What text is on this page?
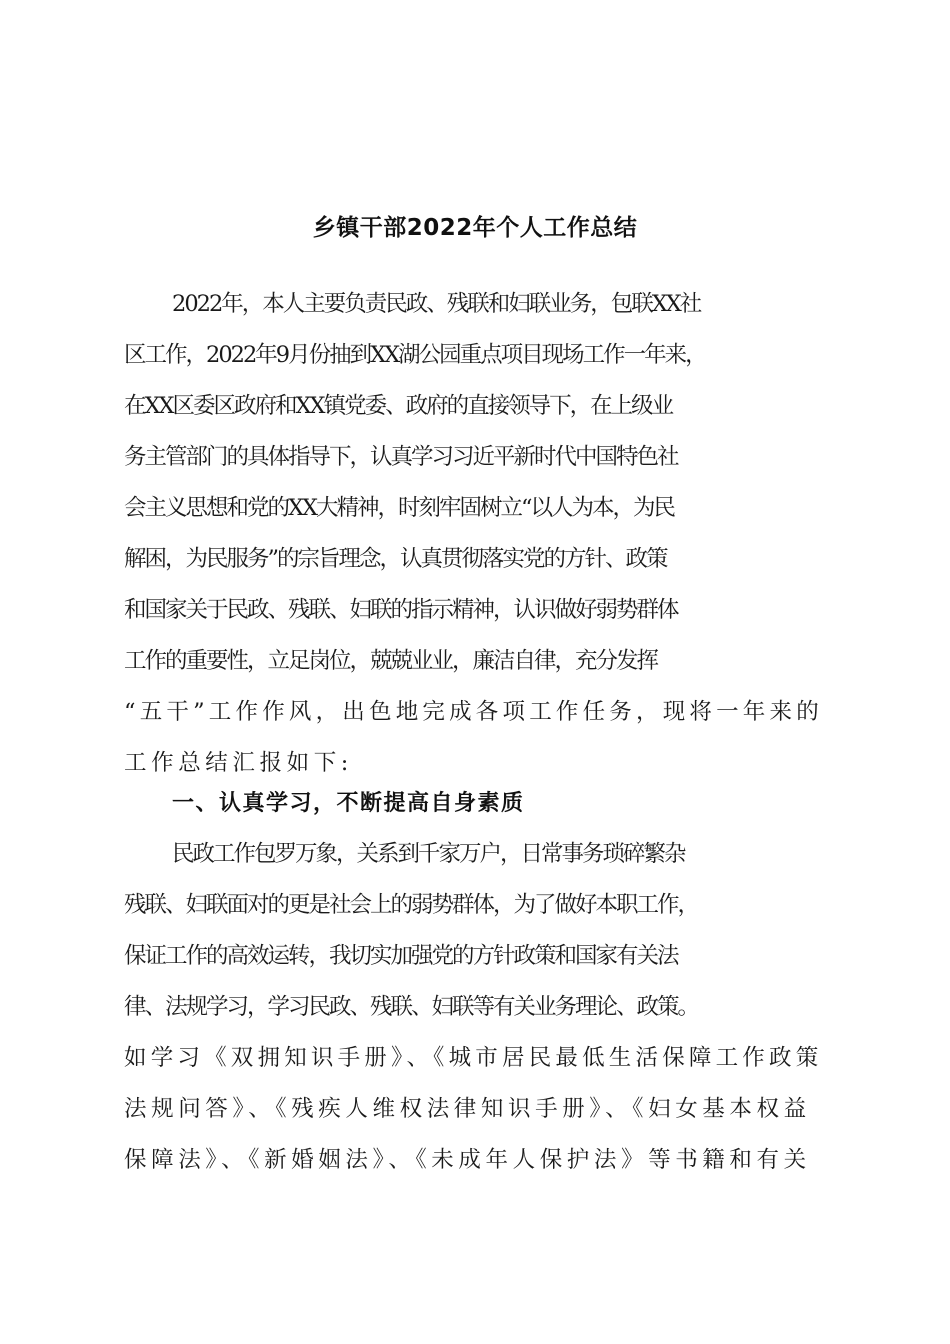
乡镇干部2022年个人工作总结
2022年，本人主要负责民政、残联和妇联业务，包联XX社
区工作，2022年9月份抽到XX湖公园重点项目现场工作一年来，
在XX区委区政府和XX镇党委、政府的直接领导下，在上级业
务主管部门的具体指导下，认真学习习近平新时代中国特色社
会主义思想和党的XX大精神，时刻牢固树立“以人为本，为民
解困，为民服务”的宗旨理念，认真贯彻落实党的方针、政策
和国家关于民政、残联、妇联的指示精神，认识做好弱势群体
工作的重要性，立足岗位，兢兢业业，廉洁自律，充分发挥
“五干”工作作风，出色地完成各项工作任务，现将一年来的
工作总结汇报如下:
一、认真学习，不断提高自身素质
民政工作包罗万象，关系到千家万户，日常事务琐碎繁杂
残联、妇联面对的更是社会上的弱势群体，为了做好本职工作，
保证工作的高效运转，我切实加强党的方针政策和国家有关法
律、法规学习，学习民政、残联、妇联等有关业务理论、政策。
如学习《双拥知识手册》、《城市居民最低生活保障工作政策
法规问答》、《残疾人维权法律知识手册》、《妇女基本权益
保障法》、《新婚姻法》、《未成年人保护法》等书籍和有关
